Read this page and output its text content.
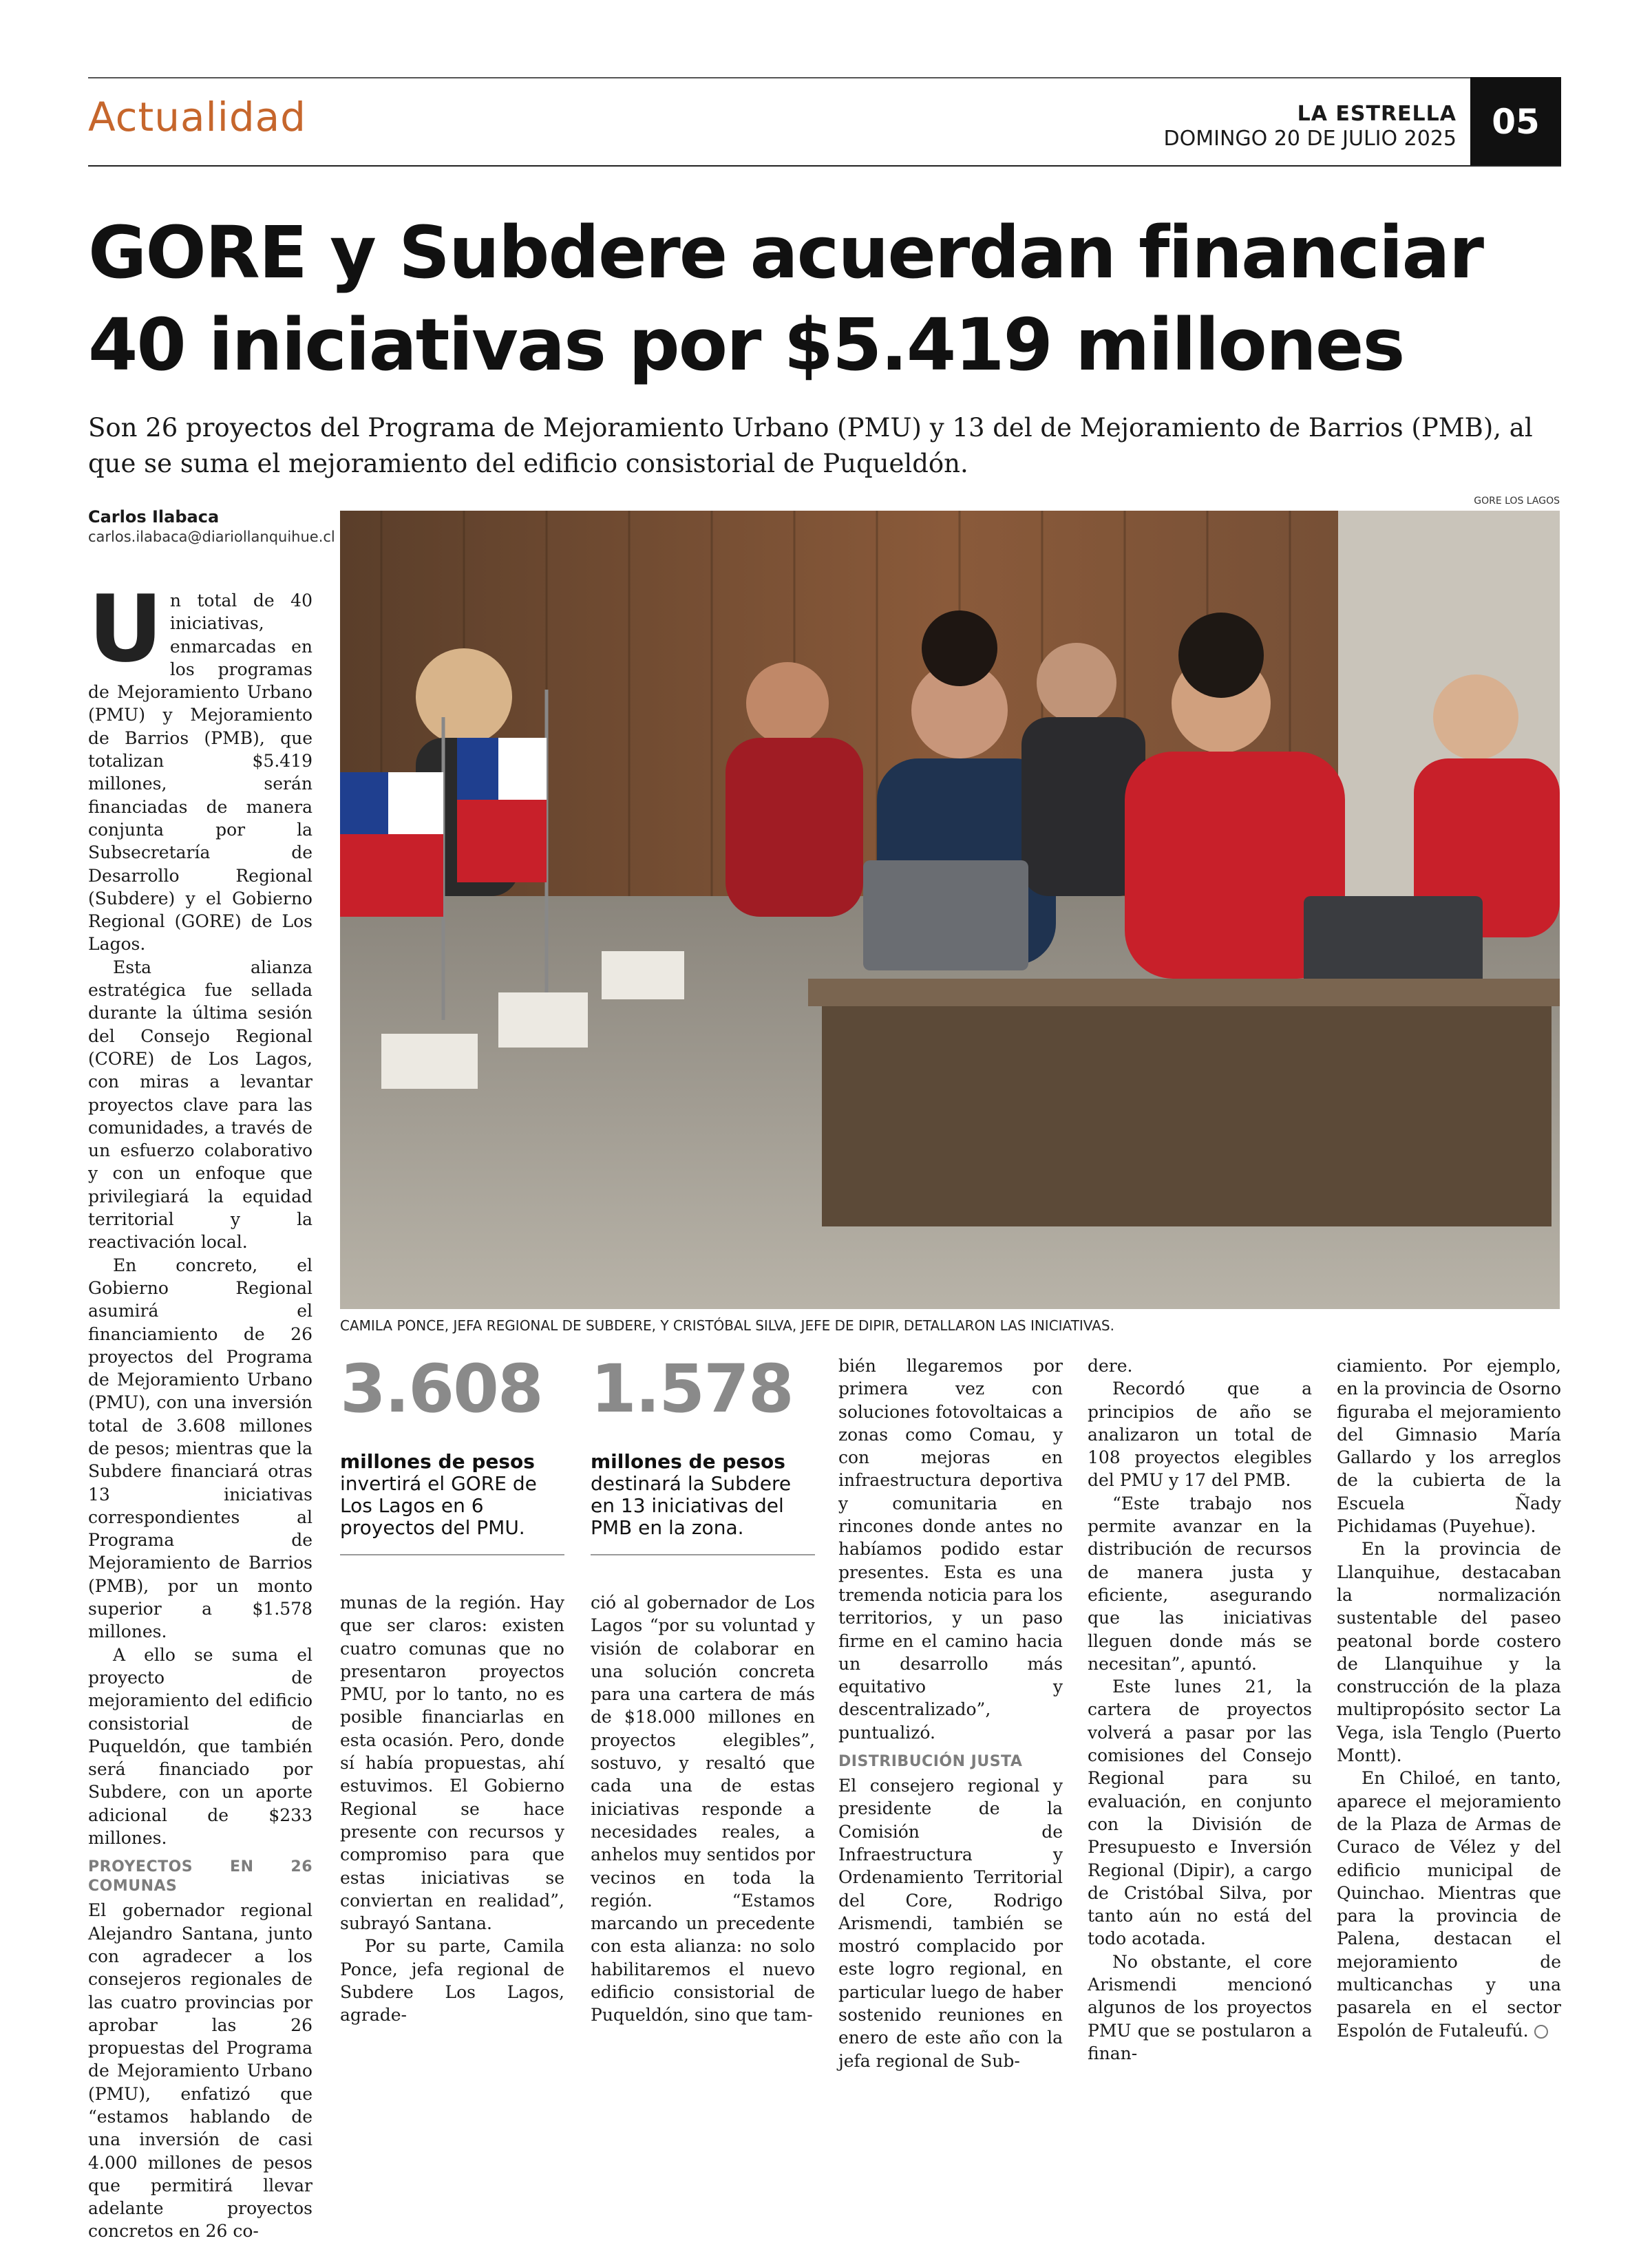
Actualidad	LA ESTRELLA
DOMINGO 20 DE JULIO 2025	05
GORE y Subdere acuerdan financiar
40 iniciativas por $5.419 millones
Son 26 proyectos del Programa de Mejoramiento Urbano (PMU) y 13 del de Mejoramiento de Barrios (PMB), al que se suma el mejoramiento del edificio consistorial de Puqueldón.
Carlos Ilabaca
carlos.ilabaca@diariollanquihue.cl
GORE LOS LAGOS
CAMILA PONCE, JEFA REGIONAL DE SUBDERE, Y CRISTÓBAL SILVA, JEFE DE DIPIR, DETALLARON LAS INICIATIVAS.

Un total de 40 iniciativas, enmarcadas en los programas de Mejoramiento Urbano (PMU) y Mejoramiento de Barrios (PMB), que totalizan $5.419 millones, serán financiadas de manera conjunta por la Subsecretaría de Desarrollo Regional (Subdere) y el Gobierno Regional (GORE) de Los Lagos.

Esta alianza estratégica fue sellada durante la última sesión del Consejo Regional (CORE) de Los Lagos, con miras a levantar proyectos clave para las comunidades, a través de un esfuerzo colaborativo y con un enfoque que privilegiará la equidad territorial y la reactivación local.

En concreto, el Gobierno Regional asumirá el financiamiento de 26 proyectos del Programa de Mejoramiento Urbano (PMU), con una inversión total de 3.608 millones de pesos; mientras que la Subdere financiará otras 13 iniciativas correspondientes al Programa de Mejoramiento de Barrios (PMB), por un monto superior a $1.578 millones.

A ello se suma el proyecto de mejoramiento del edificio consistorial de Puqueldón, que también será financiado por Subdere, con un aporte adicional de $233 millones.

PROYECTOS EN 26 COMUNAS

El gobernador regional Alejandro Santana, junto con agradecer a los consejeros regionales de las cuatro provincias por aprobar las 26 propuestas del Programa de Mejoramiento Urbano (PMU), enfatizó que “estamos hablando de una inversión de casi 4.000 millones de pesos que permitirá llevar adelante proyectos concretos en 26 co-

3.608
millones de pesos
invertirá el GORE de Los Lagos en 6 proyectos del PMU.
1.578
millones de pesos
destinará la Subdere en 13 iniciativas del PMB en la zona.

munas de la región. Hay que ser claros: existen cuatro comunas que no presentaron proyectos PMU, por lo tanto, no es posible financiarlas en esta ocasión. Pero, donde sí había propuestas, ahí estuvimos. El Gobierno Regional se hace presente con recursos y compromiso para que estas iniciativas se conviertan en realidad”, subrayó Santana.

Por su parte, Camila Ponce, jefa regional de Subdere Los Lagos, agrade-

ció al gobernador de Los Lagos “por su voluntad y visión de colaborar en una solución concreta para una cartera de más de $18.000 millones en proyectos elegibles”, sostuvo, y resaltó que cada una de estas iniciativas responde a necesidades reales, a anhelos muy sentidos por vecinos en toda la región. “Estamos marcando un precedente con esta alianza: no solo habilitaremos el nuevo edificio consistorial de Puqueldón, sino que tam-

bién llegaremos por primera vez con soluciones fotovoltaicas a zonas como Comau, y con mejoras en infraestructura deportiva y comunitaria en rincones donde antes no habíamos podido estar presentes. Esta es una tremenda noticia para los territorios, y un paso firme en el camino hacia un desarrollo más equitativo y descentralizado”, puntualizó.

DISTRIBUCIÓN JUSTA

El consejero regional y presidente de la Comisión de Infraestructura y Ordenamiento Territorial del Core, Rodrigo Arismendi, también se mostró complacido por este logro regional, en particular luego de haber sostenido reuniones en enero de este año con la jefa regional de Sub-

dere.

Recordó que a principios de año se analizaron un total de 108 proyectos elegibles del PMU y 17 del PMB.

“Este trabajo nos permite avanzar en la distribución de recursos de manera justa y eficiente, asegurando que las iniciativas lleguen donde más se necesitan”, apuntó.

Este lunes 21, la cartera de proyectos volverá a pasar por las comisiones del Consejo Regional para su evaluación, en conjunto con la División de Presupuesto e Inversión Regional (Dipir), a cargo de Cristóbal Silva, por tanto aún no está del todo acotada.

No obstante, el core Arismendi mencionó algunos de los proyectos PMU que se postularon a finan-

ciamiento. Por ejemplo, en la provincia de Osorno figuraba el mejoramiento del Gimnasio María Gallardo y los arreglos de la cubierta de la Escuela Ñady Pichidamas (Puyehue).

En la provincia de Llanquihue, destacaban la normalización sustentable del paseo peatonal borde costero de Llanquihue y la construcción de la plaza multipropósito sector La Vega, isla Tenglo (Puerto Montt).

En Chiloé, en tanto, aparece el mejoramiento de la Plaza de Armas de Curaco de Vélez y del edificio municipal de Quinchao. Mientras que para la provincia de Palena, destacan el mejoramiento de multicanchas y una pasarela en el sector Espolón de Futaleufú.
